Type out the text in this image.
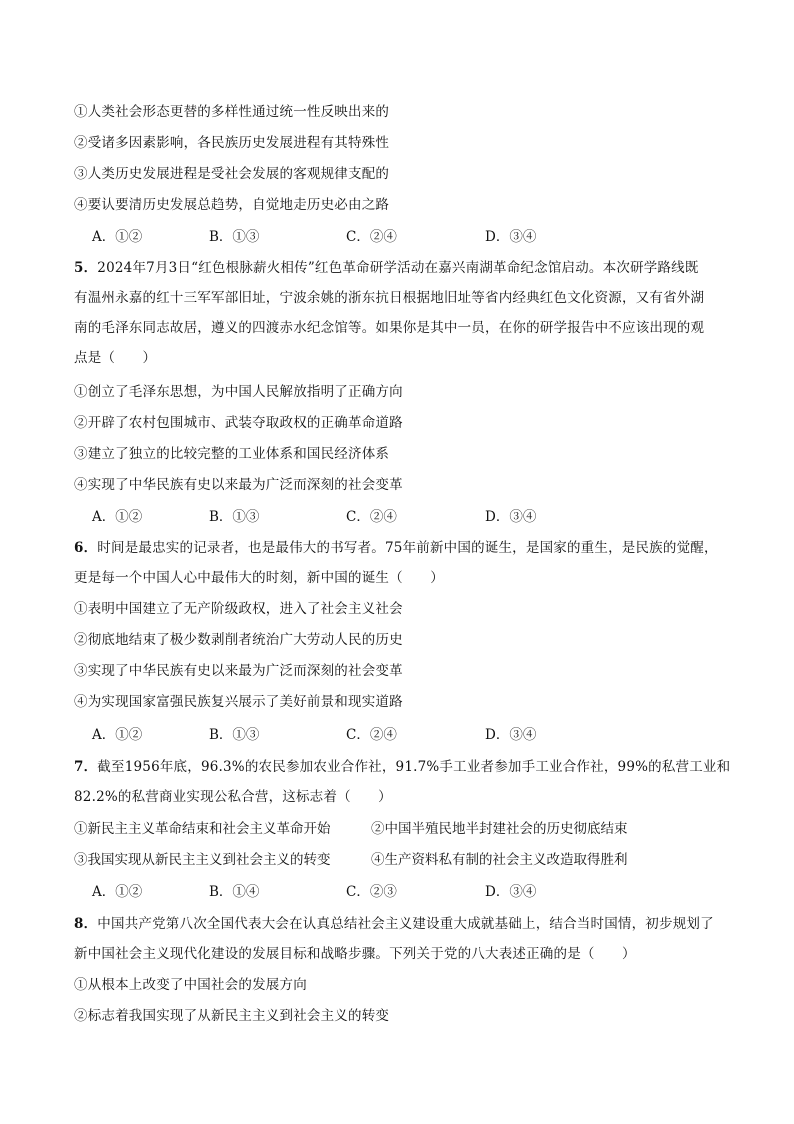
①人类社会形态更替的多样性通过统一性反映出来的
②受诸多因素影响，各民族历史发展进程有其特殊性
③人类历史发展进程是受社会发展的客观规律支配的
④要认要清历史发展总趋势，自觉地走历史必由之路
A．①②	B．①③	C．②④	D．③④
5．2024年7月3日“红色根脉薪火相传”红色革命研学活动在嘉兴南湖革命纪念馆启动。本次研学路线既
有温州永嘉的红十三军军部旧址，宁波余姚的浙东抗日根据地旧址等省内经典红色文化资源，又有省外湖
南的毛泽东同志故居，遵义的四渡赤水纪念馆等。如果你是其中一员，在你的研学报告中不应该出现的观
点是（　　）
①创立了毛泽东思想，为中国人民解放指明了正确方向
②开辟了农村包围城市、武装夺取政权的正确革命道路
③建立了独立的比较完整的工业体系和国民经济体系
④实现了中华民族有史以来最为广泛而深刻的社会变革
A．①②	B．①③	C．②④	D．③④
6．时间是最忠实的记录者，也是最伟大的书写者。75年前新中国的诞生，是国家的重生，是民族的觉醒，
更是每一个中国人心中最伟大的时刻，新中国的诞生（　　）
①表明中国建立了无产阶级政权，进入了社会主义社会
②彻底地结束了极少数剥削者统治广大劳动人民的历史
③实现了中华民族有史以来最为广泛而深刻的社会变革
④为实现国家富强民族复兴展示了美好前景和现实道路
A．①②	B．①③	C．②④	D．③④
7．截至1956年底，96.3%的农民参加农业合作社，91.7%手工业者参加手工业合作社，99%的私营工业和
82.2%的私营商业实现公私合营，这标志着（　　）
①新民主主义革命结束和社会主义革命开始	②中国半殖民地半封建社会的历史彻底结束
③我国实现从新民主主义到社会主义的转变	④生产资料私有制的社会主义改造取得胜利
A．①②	B．①④	C．②③	D．③④
8．中国共产党第八次全国代表大会在认真总结社会主义建设重大成就基础上，结合当时国情，初步规划了
新中国社会主义现代化建设的发展目标和战略步骤。下列关于党的八大表述正确的是（　　）
①从根本上改变了中国社会的发展方向
②标志着我国实现了从新民主主义到社会主义的转变
